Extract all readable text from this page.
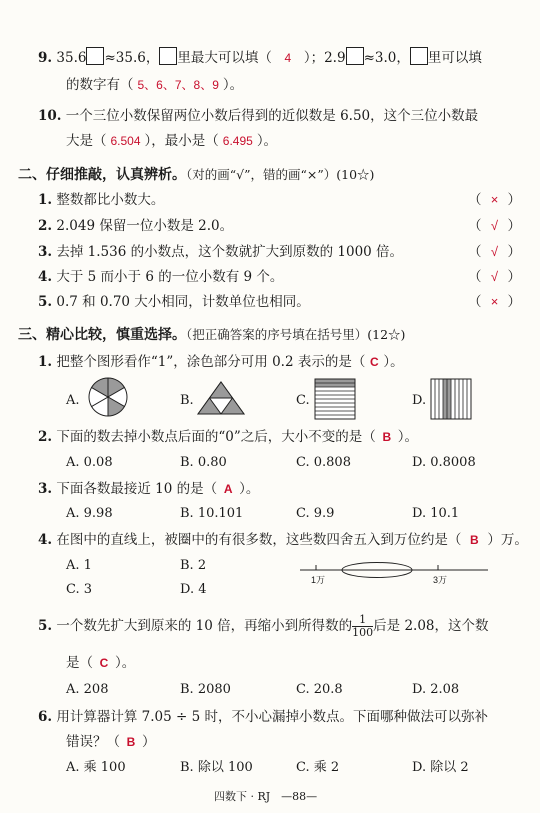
9. 35.6 ≈35.6， 里最大可以填（ 4 ）；2.9 ≈3.0， 里可以填
的数字有（ 5、6、7、8、9 ）。
10. 一个三位小数保留两位小数后得到的近似数是 6.50，这个三位小数最
大是（ 6.504 ），最小是（ 6.495 ）。
二、仔细推敲，认真辨析。（对的画“√”，错的画“×”）(10☆)
1. 整数都比小数大。	（ × ）
2. 2.049 保留一位小数是 2.0。	（ √ ）
3. 去掉 1.536 的小数点，这个数就扩大到原数的 1000 倍。	（ √ ）
4. 大于 5 而小于 6 的一位小数有 9 个。	（ √ ）
5. 0.7 和 0.70 大小相同，计数单位也相同。	（ × ）
三、精心比较，慎重选择。（把正确答案的序号填在括号里）(12☆)
1. 把整个图形看作“1”，涂色部分可用 0.2 表示的是（ C ）。
A.	B.	C.	D.
2. 下面的数去掉小数点后面的“0”之后，大小不变的是（ B ）。
A. 0.08	B. 0.80	C. 0.808	D. 0.8008
3. 下面各数最接近 10 的是（ A ）。
A. 9.98	B. 10.101	C. 9.9	D. 10.1
4. 在图中的直线上，被圈中的有很多数，这些数四舍五入到万位约是（ B ）万。
A. 1	B. 2
C. 3	D. 4
1万	3万
5. 一个数先扩大到原来的 10 倍，再缩小到所得数的 $\frac{1}{100}$ 后是 2.08，这个数
是（ C ）。
A. 208	B. 2080	C. 20.8	D. 2.08
6. 用计算器计算 7.05 ÷ 5 时，不小心漏掉小数点。下面哪种做法可以弥补
错误？（ B ）
A. 乘 100	B. 除以 100	C. 乘 2	D. 除以 2
四数下 · RJ　—88—
